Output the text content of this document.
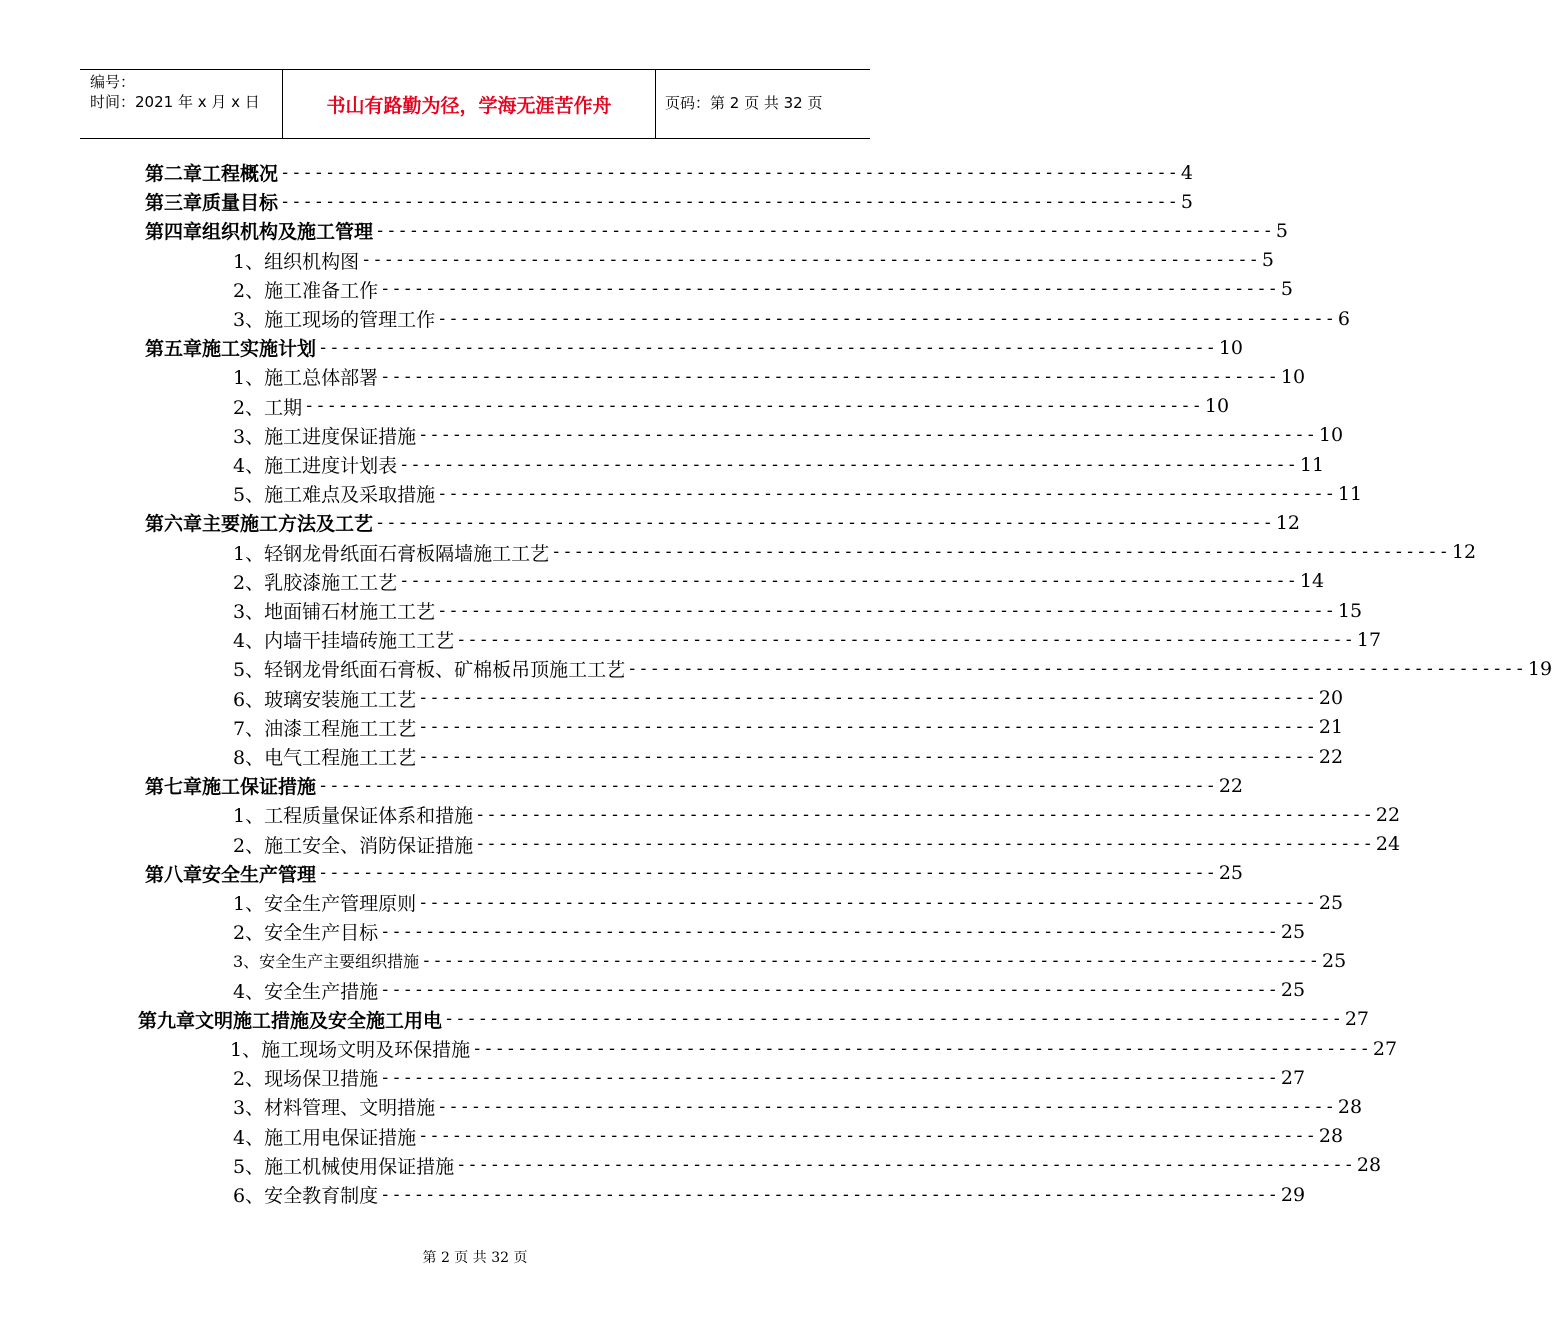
编号：
时间：2021 年 x 月 x 日	书山有路勤为径，学海无涯苦作舟	页码：第 2 页 共 32 页
第二章 工程概况 -------------------------------------------------------------------------------- 4
第三章 质量目标 -------------------------------------------------------------------------------- 5
第四章 组织机构及施工管理 -------------------------------------------------------------------------------- 5
1、组织机构图 -------------------------------------------------------------------------------- 5
2、施工准备工作 -------------------------------------------------------------------------------- 5
3、施工现场的管理工作 -------------------------------------------------------------------------------- 6
第五章 施工实施计划 -------------------------------------------------------------------------------- 10
1、施工总体部署 -------------------------------------------------------------------------------- 10
2、工期 -------------------------------------------------------------------------------- 10
3、施工进度保证措施 -------------------------------------------------------------------------------- 10
4、施工进度计划表 -------------------------------------------------------------------------------- 11
5、施工难点及采取措施 -------------------------------------------------------------------------------- 11
第六章 主要施工方法及工艺 -------------------------------------------------------------------------------- 12
1、轻钢龙骨纸面石膏板隔墙施工工艺 -------------------------------------------------------------------------------- 12
2、乳胶漆施工工艺 -------------------------------------------------------------------------------- 14
3、地面铺石材施工工艺 -------------------------------------------------------------------------------- 15
4、内墙干挂墙砖施工工艺 -------------------------------------------------------------------------------- 17
5、轻钢龙骨纸面石膏板、矿棉板吊顶施工工艺 -------------------------------------------------------------------------------- 19
6、玻璃安装施工工艺 -------------------------------------------------------------------------------- 20
7、油漆工程施工工艺 -------------------------------------------------------------------------------- 21
8、电气工程施工工艺 -------------------------------------------------------------------------------- 22
第七章 施工保证措施 -------------------------------------------------------------------------------- 22
1、工程质量保证体系和措施 -------------------------------------------------------------------------------- 22
2、施工安全、消防保证措施 -------------------------------------------------------------------------------- 24
第八章 安全生产管理 -------------------------------------------------------------------------------- 25
1、安全生产管理原则 -------------------------------------------------------------------------------- 25
2、安全生产目标 -------------------------------------------------------------------------------- 25
3、安全生产主要组织措施 -------------------------------------------------------------------------------- 25
4、安全生产措施 -------------------------------------------------------------------------------- 25
第九章 文明施工措施及安全施工用电 -------------------------------------------------------------------------------- 27
1、施工现场文明及环保措施 -------------------------------------------------------------------------------- 27
2、现场保卫措施 -------------------------------------------------------------------------------- 27
3、材料管理、文明措施 -------------------------------------------------------------------------------- 28
4、施工用电保证措施 -------------------------------------------------------------------------------- 28
5、施工机械使用保证措施 -------------------------------------------------------------------------------- 28
6、安全教育制度 -------------------------------------------------------------------------------- 29
第 2 页 共 32 页
